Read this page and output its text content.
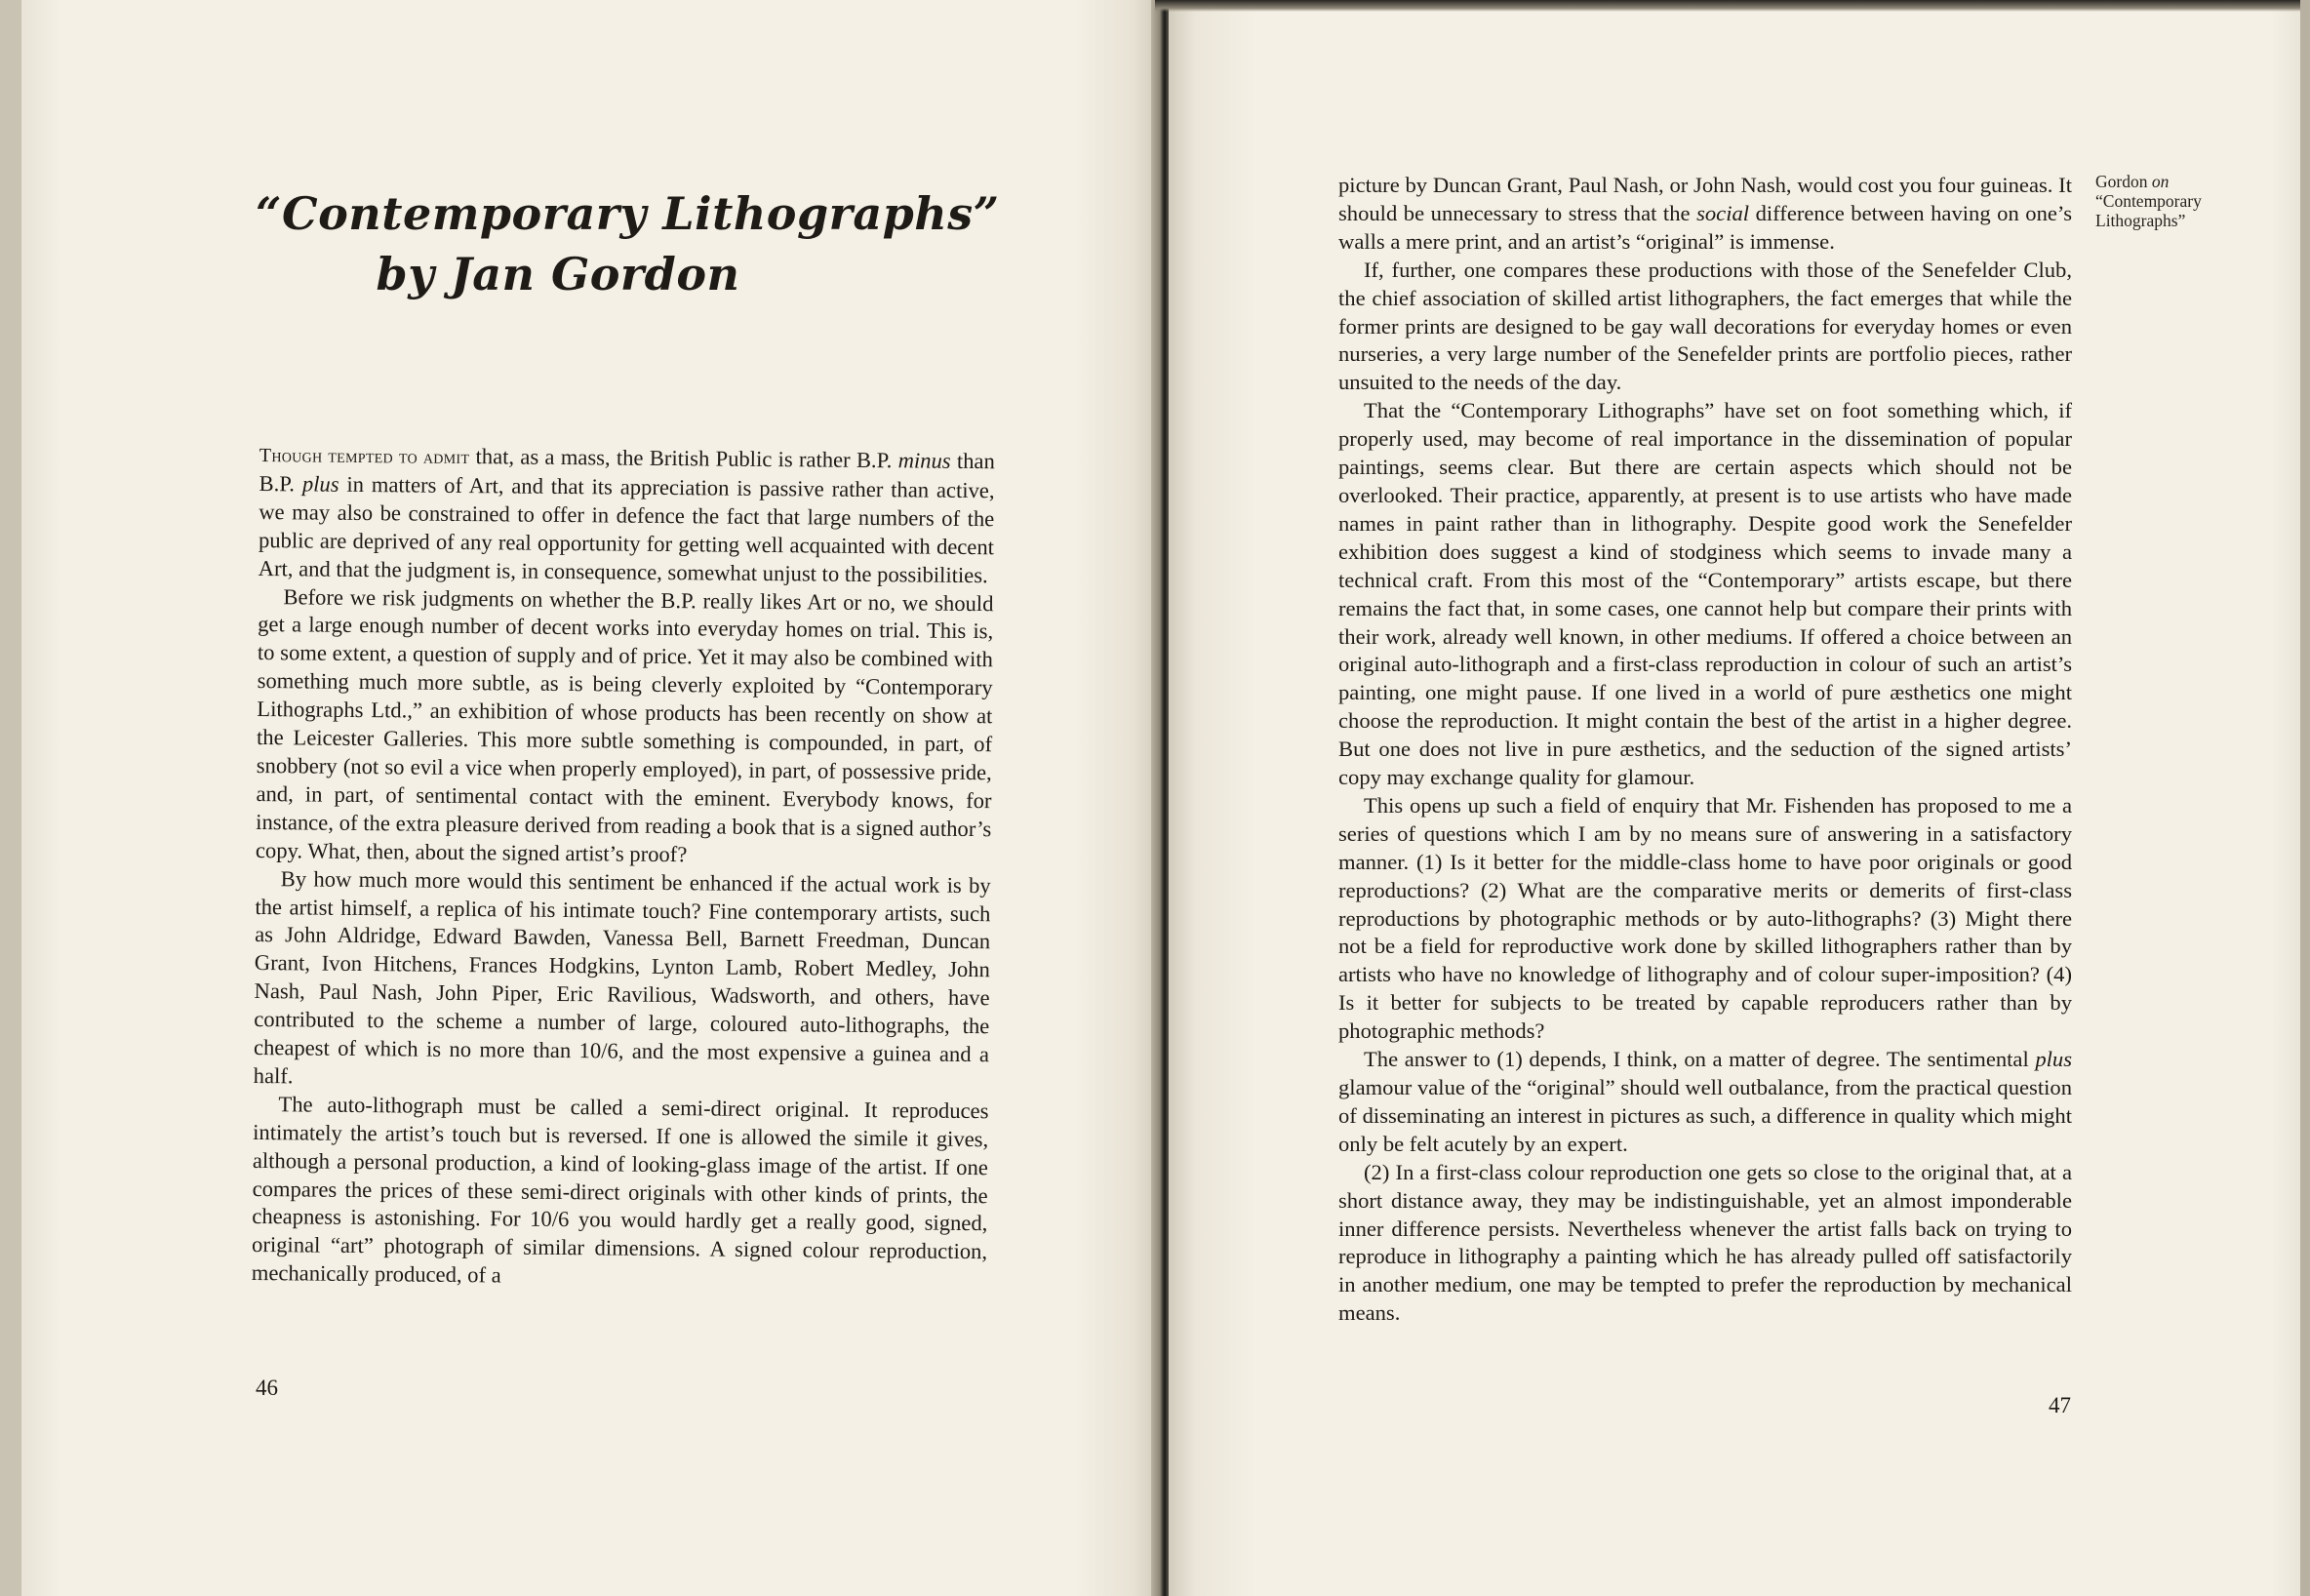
“Contemporary Lithographs”
by Jan Gordon

Though tempted to admit that, as a mass, the British Public is rather B.P. minus than B.P. plus in matters of Art, and that its appreciation is passive rather than active, we may also be constrained to offer in defence the fact that large numbers of the public are deprived of any real opportunity for getting well acquainted with decent Art, and that the judgment is, in consequence, somewhat unjust to the possibilities.

Before we risk judgments on whether the B.P. really likes Art or no, we should get a large enough number of decent works into everyday homes on trial. This is, to some extent, a question of supply and of price. Yet it may also be combined with something much more subtle, as is being cleverly exploited by “Contemporary Lithographs Ltd.,” an exhibition of whose products has been recently on show at the Leicester Galleries. This more subtle something is compounded, in part, of snobbery (not so evil a vice when properly employed), in part, of possessive pride, and, in part, of sentimental contact with the eminent. Everybody knows, for instance, of the extra pleasure derived from reading a book that is a signed author’s copy. What, then, about the signed artist’s proof?

By how much more would this sentiment be enhanced if the actual work is by the artist himself, a replica of his intimate touch? Fine contemporary artists, such as John Aldridge, Edward Bawden, Vanessa Bell, Barnett Freedman, Duncan Grant, Ivon Hitchens, Frances Hodgkins, Lynton Lamb, Robert Medley, John Nash, Paul Nash, John Piper, Eric Ravilious, Wadsworth, and others, have contributed to the scheme a number of large, coloured auto-lithographs, the cheapest of which is no more than 10/6, and the most expensive a guinea and a half.

The auto-lithograph must be called a semi-direct original. It reproduces intimately the artist’s touch but is reversed. If one is allowed the simile it gives, although a personal production, a kind of looking-glass image of the artist. If one compares the prices of these semi-direct originals with other kinds of prints, the cheapness is astonishing. For 10/6 you would hardly get a really good, signed, original “art” photograph of similar dimensions. A signed colour reproduction, mechanically produced, of a

46
Gordon on
“Contemporary
Lithographs”

picture by Duncan Grant, Paul Nash, or John Nash, would cost you four guineas. It should be unnecessary to stress that the social difference between having on one’s walls a mere print, and an artist’s “original” is immense.

If, further, one compares these productions with those of the Senefelder Club, the chief association of skilled artist lithographers, the fact emerges that while the former prints are designed to be gay wall decorations for everyday homes or even nurseries, a very large number of the Senefelder prints are portfolio pieces, rather unsuited to the needs of the day.

That the “Contemporary Lithographs” have set on foot something which, if properly used, may become of real importance in the dissemination of popular paintings, seems clear. But there are certain aspects which should not be overlooked. Their practice, apparently, at present is to use artists who have made names in paint rather than in lithography. Despite good work the Senefelder exhibition does suggest a kind of stodginess which seems to invade many a technical craft. From this most of the “Contemporary” artists escape, but there remains the fact that, in some cases, one cannot help but compare their prints with their work, already well known, in other mediums. If offered a choice between an original auto-lithograph and a first-class reproduction in colour of such an artist’s painting, one might pause. If one lived in a world of pure æsthetics one might choose the reproduction. It might contain the best of the artist in a higher degree. But one does not live in pure æsthetics, and the seduction of the signed artists’ copy may exchange quality for glamour.

This opens up such a field of enquiry that Mr. Fishenden has proposed to me a series of questions which I am by no means sure of answering in a satisfactory manner. (1) Is it better for the middle-class home to have poor originals or good reproductions? (2) What are the comparative merits or demerits of first-class reproductions by photographic methods or by auto-lithographs? (3) Might there not be a field for reproductive work done by skilled lithographers rather than by artists who have no knowledge of lithography and of colour super-imposition? (4) Is it better for subjects to be treated by capable reproducers rather than by photographic methods?

The answer to (1) depends, I think, on a matter of degree. The sentimental plus glamour value of the “original” should well outbalance, from the practical question of disseminating an interest in pictures as such, a difference in quality which might only be felt acutely by an expert.

(2) In a first-class colour reproduction one gets so close to the original that, at a short distance away, they may be indistinguishable, yet an almost imponderable inner difference persists. Nevertheless whenever the artist falls back on trying to reproduce in lithography a painting which he has already pulled off satisfactorily in another medium, one may be tempted to prefer the reproduction by mechanical means.

47
